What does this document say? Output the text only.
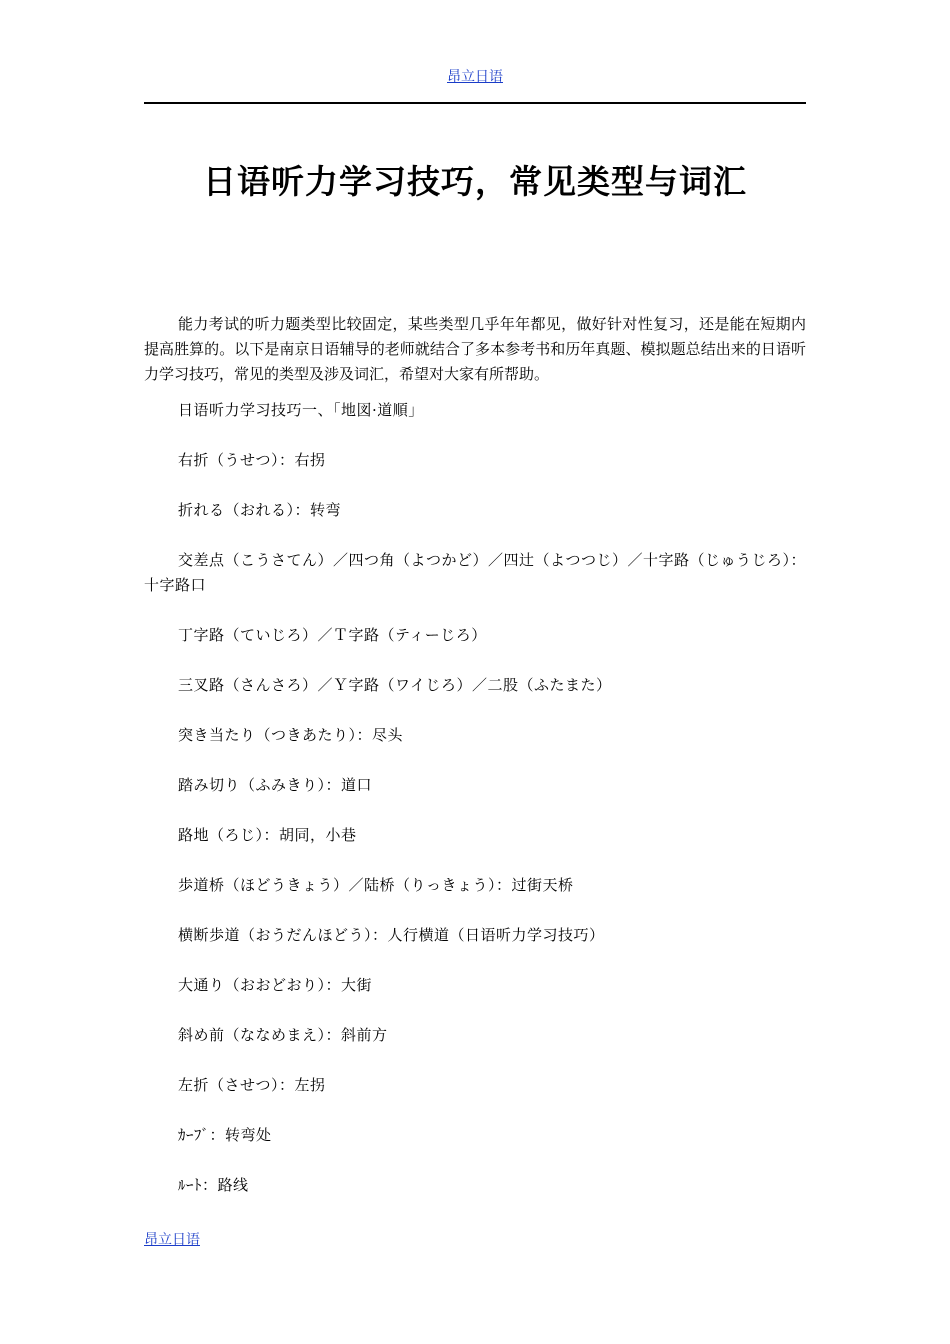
昂立日语
日语听力学习技巧，常见类型与词汇

能力考试的听力题类型比较固定，某些类型几乎年年都见，做好针对性复习，还是能在短期内提高胜算的。以下是南京日语辅导的老师就结合了多本参考书和历年真题、模拟题总结出来的日语听力学习技巧，常见的类型及涉及词汇，希望对大家有所帮助。

日语听力学习技巧一、「地図·道順」
右折（うせつ）：右拐
折れる（おれる）：转弯
交差点（こうさてん）／四つ角（よつかど）／四辻（よつつじ）／十字路（じゅうじろ）：十字路口
丁字路（ていじろ）／Ｔ字路（ティーじろ）
三叉路（さんさろ）／Ｙ字路（ワイじろ）／二股（ふたまた）
突き当たり（つきあたり）：尽头
踏み切り（ふみきり）：道口
路地（ろじ）：胡同，小巷
歩道桥（ほどうきょう）／陆桥（りっきょう）：过街天桥
横断歩道（おうだんほどう）：人行横道（日语听力学习技巧）
大通り（おおどおり）：大街
斜め前（ななめまえ）：斜前方
左折（させつ）：左拐
ｶｰﾌﾞ：转弯处
ﾙｰﾄ：路线
昂立日语
